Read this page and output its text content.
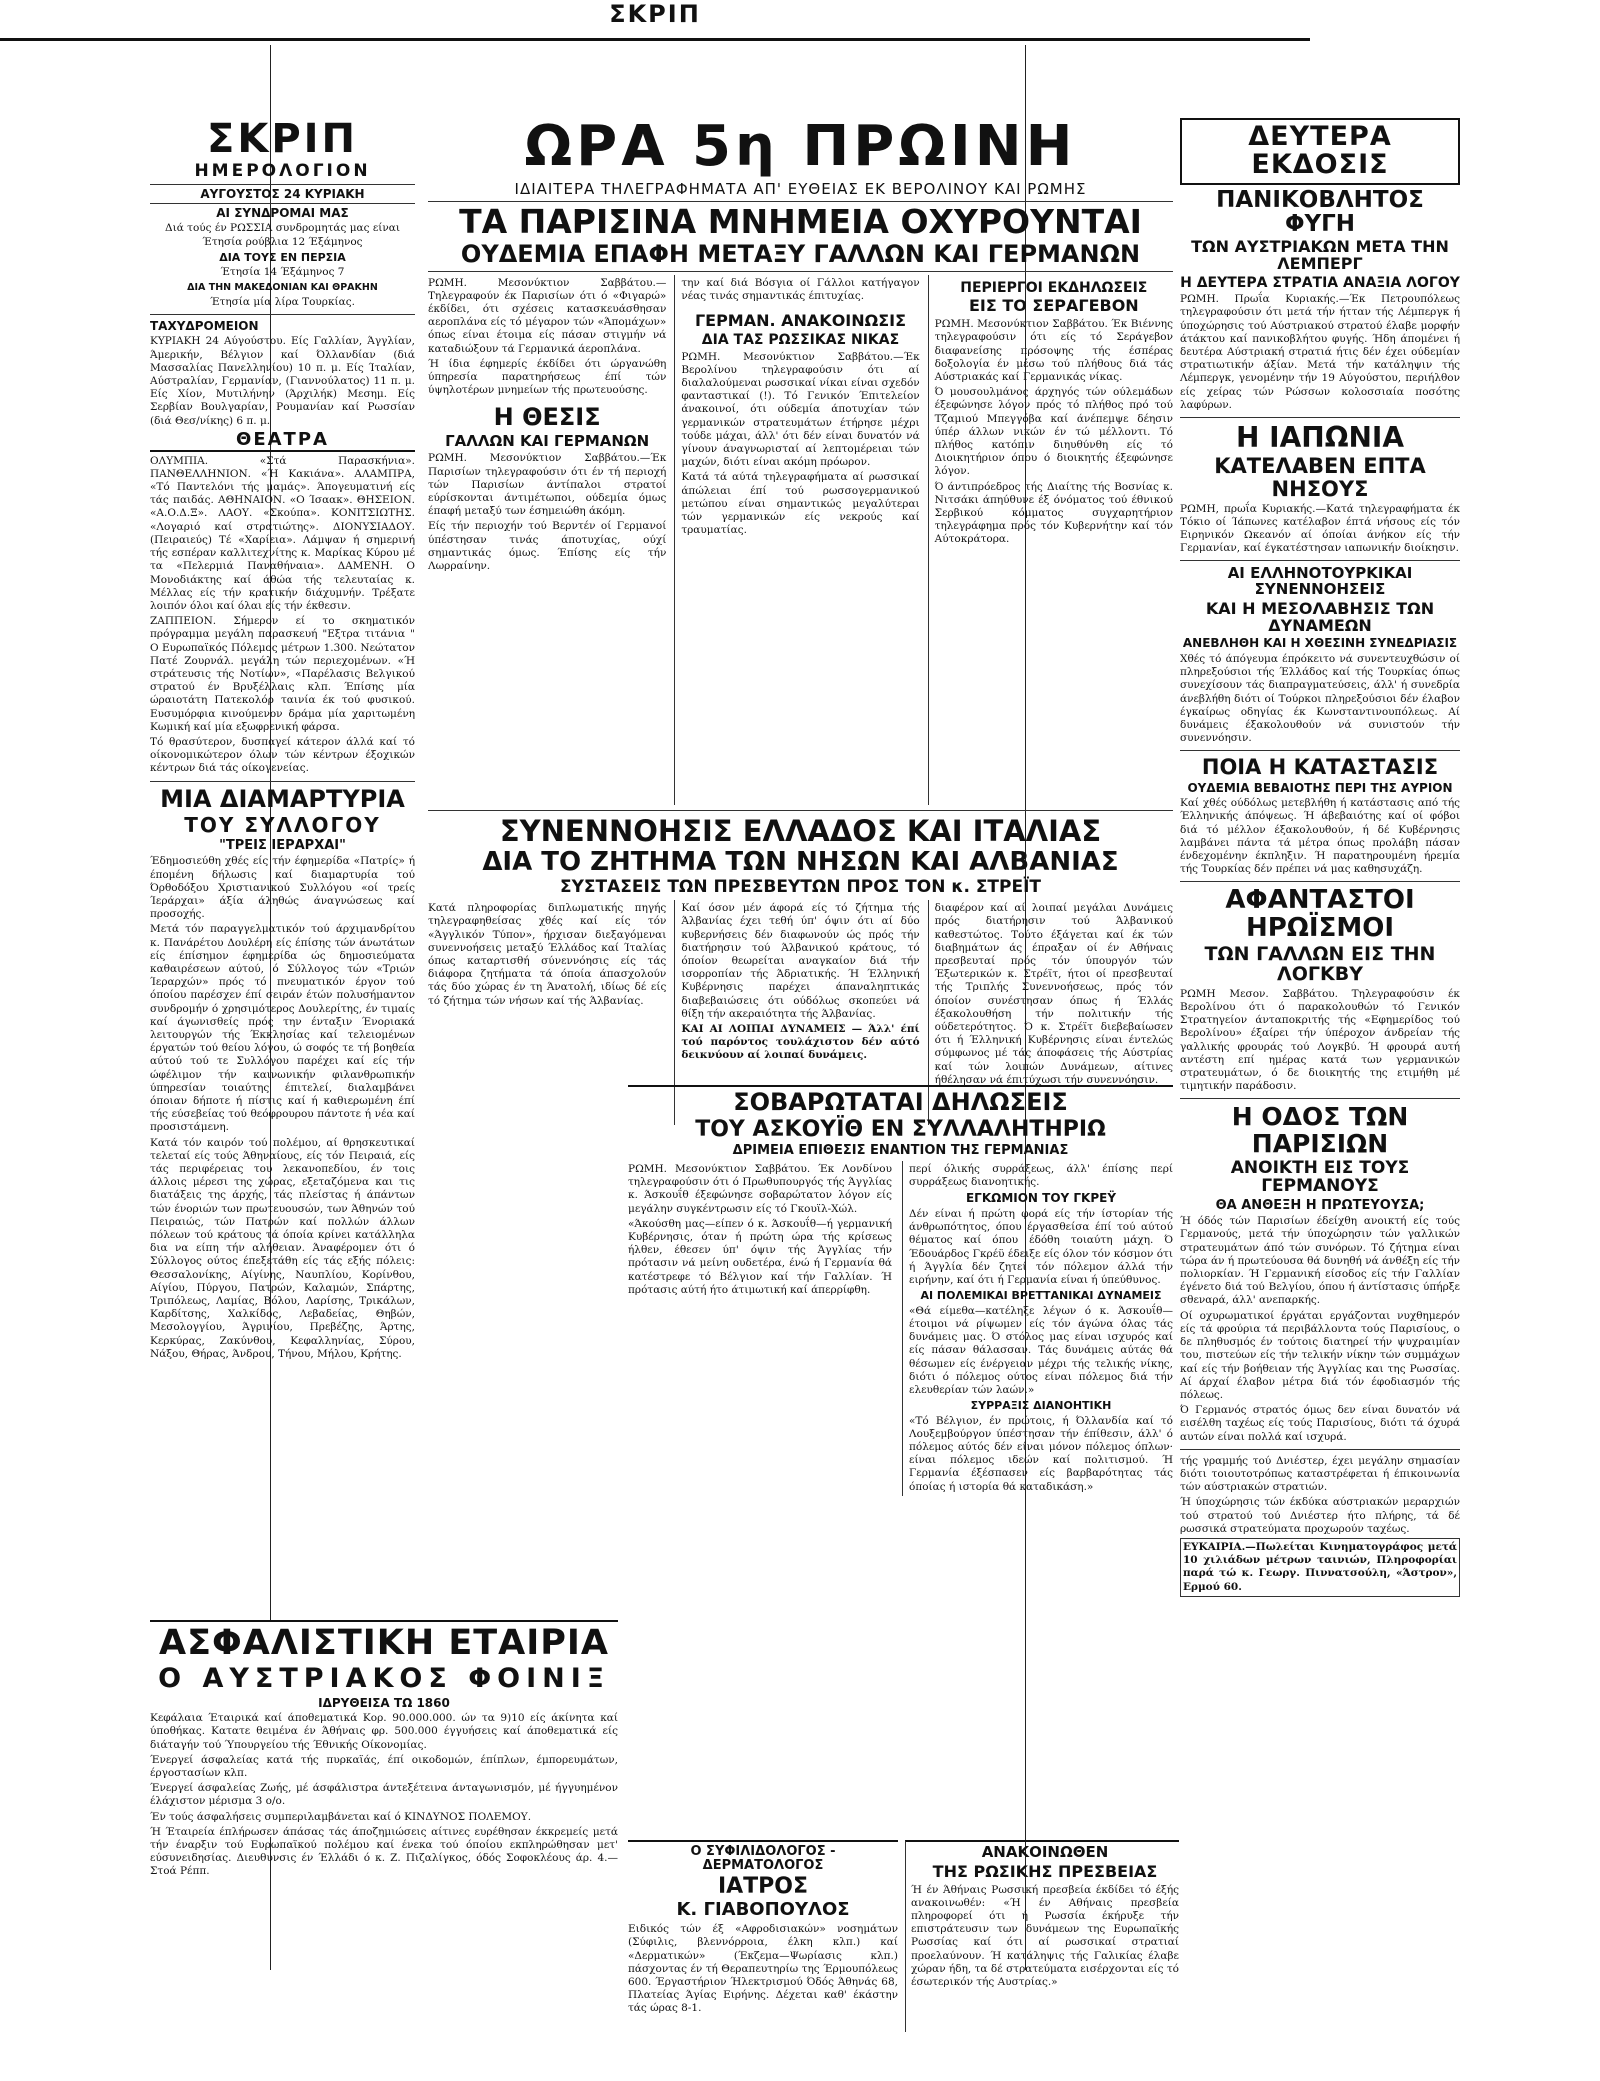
ΣΚΡΙΠ
ΣΚΡΙΠ
ΗΜΕΡΟΛΟΓΙΟΝ
ΑΥΓΟΥΣΤΟΣ 24 ΚΥΡΙΑΚΗ
ΑΙ ΣΥΝΔΡΟΜΑΙ ΜΑΣ
Διά τούς έν ΡΩΣΣΙΑ συνδρομητάς μας είναι Έτησία ρούβλια 12 Έξάμηνος
ΔΙΑ ΤΟΥΣ ΕΝ ΠΕΡΣΙΑ
Έτησία 14 Έξάμηνος 7
ΔΙΑ ΤΗΝ ΜΑΚΕΔΟΝΙΑΝ ΚΑΙ ΘΡΑΚΗΝ
Έτησία μία λίρα Τουρκίας.
ΤΑΧΥΔΡΟΜΕΙΟΝ
ΚΥΡΙΑΚΗ 24 Αύγούστου. Είς Γαλλίαν, Άγγλίαν, Άμερικήν, Βέλγιον καί Όλλανδίαν (διά Μασσαλίας Πανελληνίου) 10 π. μ. Είς Ίταλίαν, Αύστραλίαν, Γερμανίαν, (Γιαννούλατος) 11 π. μ. Είς Χίον, Μυτιλήνην (Άρχιλήκ) Μεσημ. Είς Σερβίαν Βουλγαρίαν, Ρουμανίαν καί Ρωσσίαν (διά Θεσ/νίκης) 6 π. μ.
ΘΕΑΤΡΑ
ΟΛΥΜΠΙΑ. «Στά Παρασκήνια». ΠΑΝΘΕΛΛΗΝΙΟΝ. «Ή Κακιάνα». ΑΛΑΜΠΡΑ, «Τό Παντελόνι τής μαμάς». Άπογευματινή είς τάς παιδάς. ΑΘΗΝΑΙΟΝ. «Ο Ίσαακ». ΘΗΣΕΙΟΝ. «Α.Ο.Δ.Ξ». ΛΑΟΥ. «Σκούπα». ΚΟΝΙΤΣΙΩΤΗΣ. «Λογαριό καί στρατιώτης». ΔΙΟΝΥΣΙΑΔΟΥ. (Πειραιεύς) Τέ «Χαρίεια». Λάμψαν ή σημερινή τής εσπέραν καλλιτεχνίτης κ. Μαρίκας Κύρου μέ τα «Πελερμιά Παναθήναια». ΔΑΜΕΝΗ. Ο Μονοδιάκτης καί άθώα τής τελευταίας κ. Μέλλας είς τήν κρατικήν διάχυμνήν. Τρέξατε λοιπόν όλοι καί όλαι είς τήν έκθεσιν.
ΖΑΠΠΕΙΟΝ. Σήμερον εί το σκηματικόν πρόγραμμα μεγάλη παρασκευή "Εξτρα τιτάνια " Ο Ευρωπαϊκός Πόλεμος μέτρων 1.300. Νεώτατον Πατέ Ζουρνάλ. μεγάλη τών περιεχομένων. «Ή στράτευσις τής Νοτίων», «Παρέλασις Βελγικού στρατού έν Βρυξέλλαις κλπ. Έπίσης μία ώραιοτάτη Πατεκολόρ ταινία έκ τού φυσικού. Ευσυμόρφια κινούμενον δράμα μία χαριτωμένη Κωμική καί μία εξωφρενική φάρσα.
Τό θρασύτερον, δυσπαγεί κάτερον άλλά καί τό οίκονομικώτερον όλων τών κέντρων έξοχικών κέντρων διά τάς οίκογενείας.
ΜΙΑ ΔΙΑΜΑΡΤΥΡΙΑ
ΤΟΥ ΣΥΛΛΟΓΟΥ
"ΤΡΕΙΣ ΙΕΡΑΡΧΑΙ"
Έδημοσιεύθη χθές είς τήν έφημερίδα «Πατρίς» ή έπομένη δήλωσις καί διαμαρτυρία τού Όρθοδόξου Χριστιανικού Συλλόγου «οί τρείς Ίεράρχαι» άξία άληθώς άναγνώσεως καί προσοχής.
Μετά τόν παραγγελματικόν τού άρχιμανδρίτου κ. Πανάρέτου Δουλέρη είς έπίσης τών άνωτάτων είς έπίσημον έφημερίδα ώς δημοσιεύματα καθαιρέσεων αύτού, ό Σύλλογος τών «Τριών Ίεραρχών» πρός τό πνευματικόν έργον τού όποίου παρέσχεν έπί σειράν έτών πολυσήμαντον συνδρομήν ό χρησιμότερος Δουλερίτης, έν τιμαίς καί άγωνισθείς πρός την ένταξιν Ένοριακά λειτουργών τής Έκκλησίας καί τελειομένων έργατών τού θείου λόγου, ώ σοφός τε τή βοηθεία αύτού τού τε Συλλόγου παρέχει καί είς τήν ώφέλιμον τήν καινωνικήν φιλανθρωπικήν ύπηρεσίαν τοιαύτης έπιτελεί, διαλαμβάνει όποιαν δήποτε ή πίστις καί ή καθιερωμένη έπί τής εύσεβείας τού θεόφρουρου πάντοτε ή νέα καί προσιστάμενη.
Κατά τόν καιρόν τού πολέμου, αί θρησκευτικαί τελεταί είς τούς Άθηναίους, είς τόν Πειραιά, είς τάς περιφέρειας του λεκανοπεδίου, έν τοις άλλοις μέρεσι της χώρας, εξεταζόμενα και τις διατάξεις της άρχής, τάς πλείστας ή άπάντων τών ένοριών των πρωτευουσών, των Άθηνών τού Πειραιώς, τών Πατρών καί πολλών άλλων πόλεων τού κράτους τά όποία κρίνει κατάλληλα δια να είπη τήν αλήθειαν. Άναφέρομεν ότι ό Σύλλογος ούτος έπεξετάθη είς τάς εξής πόλεις: Θεσσαλονίκης, Αίγίνης, Ναυπλίου, Κορίνθου, Αίγίου, Πύργου, Πατρών, Καλαμών, Σπάρτης, Τριπόλεως, Λαμίας, Βόλου, Λαρίσης, Τρικάλων, Καρδίτσης, Χαλκίδος, Λεβαδείας, Θηβών, Μεσολογγίου, Άγρινίου, Πρεβέζης, Άρτης, Κερκύρας, Ζακύνθου, Κεφαλληνίας, Σύρου, Νάξου, Θήρας, Άνδρου, Τήνου, Μήλου, Κρήτης.
ΑΣΦΑΛΙΣΤΙΚΗ ΕΤΑΙΡΙΑ
Ο ΑΥΣΤΡΙΑΚΟΣ ΦΟΙΝΙΞ
ΙΔΡΥΘΕΙΣΑ ΤΩ 1860
Κεφάλαια Έταιρικά καί άποθεματικά Κορ. 90.000.000. ών τα 9)10 είς άκίνητα καί ύποθήκας. Κατατε θειμένα έν Άθήναις φρ. 500.000 έγγυήσεις καί άποθεματικά είς διάταγήν τού Ύπουργείου τής Έθνικής Οίκονομίας.
Ένεργεί άσφαλείας κατά τής πυρκαϊάς, έπί οικοδομών, έπίπλων, έμπορευμάτων, έργοστασίων κλπ.
Ένεργεί άσφαλείας Ζωής, μέ άσφάλιστρα άντεξέτεινα άνταγωνισμόν, μέ ήγγυημένον έλάχιστον μέρισμα 3 ο/ο.
Έν τούς άσφαλήσεις συμπεριλαμβάνεται καί ό ΚΙΝΔΥΝΟΣ ΠΟΛΕΜΟΥ.
Ή Έταιρεία έπλήρωσεν άπάσας τάς άποζημιώσεις αίτινες ευρέθησαν έκκρεμείς μετά τήν έναρξιν τού Ευρωπαϊκού πολέμου καί ένεκα τού όποίου εκπληρώθησαν μετ' εύσυνειδησίας. Διευθυνσις έν Έλλάδι ό κ. Ζ. Πιζαλίγκος, όδός Σοφοκλέους άρ. 4.—Στοά Ρέππ.
ΩΡΑ 5η ΠΡΩΙΝΗ
ΙΔΙΑΙΤΕΡΑ ΤΗΛΕΓΡΑΦΗΜΑΤΑ ΑΠ' ΕΥΘΕΙΑΣ ΕΚ ΒΕΡΟΛΙΝΟΥ ΚΑΙ ΡΩΜΗΣ
ΤΑ ΠΑΡΙΣΙΝΑ ΜΝΗΜΕΙΑ ΟΧΥΡΟΥΝΤΑΙ
ΟΥΔΕΜΙΑ ΕΠΑΦΗ ΜΕΤΑΞΥ ΓΑΛΛΩΝ ΚΑΙ ΓΕΡΜΑΝΩΝ
ΡΩΜΗ. Μεσονύκτιον Σαββάτου.—Τηλεγραφούν έκ Παρισίων ότι ό «Φιγαρώ» έκδίδει, ότι σχέσεις κατασκευάσθησαν αεροπλάνα είς τό μέγαρον τών «Άπομάχων» όπως είναι έτοιμα είς πάσαν στιγμήν νά καταδιώξουν τά Γερμανικά άεροπλάνα.
Ή ίδια έφημερίς έκδίδει ότι ώργανώθη ύπηρεσία παρατηρήσεως έπί τών ύψηλοτέρων μνημείων τής πρωτευούσης.
Η ΘΕΣΙΣ
ΓΑΛΛΩΝ ΚΑΙ ΓΕΡΜΑΝΩΝ
ΡΩΜΗ. Μεσονύκτιον Σαββάτου.—Έκ Παρισίων τηλεγραφούσιν ότι έν τή περιοχή τών Παρισίων άντίπαλοι στρατοί εύρίσκονται άντιμέτωποι, ούδεμία όμως έπαφή μεταξύ των έσημειώθη άκόμη.
Είς τήν περιοχήν τού Βερντέν οί Γερμανοί ύπέστησαν τινάς άποτυχίας, ούχί σημαντικάς όμως. Έπίσης είς τήν Λωρραίνην.
την καί διά Βόσγια οί Γάλλοι κατήγαγον νέας τινάς σημαντικάς έπιτυχίας.
ΓΕΡΜΑΝ. ΑΝΑΚΟΙΝΩΣΙΣ
ΔΙΑ ΤΑΣ ΡΩΣΣΙΚΑΣ ΝΙΚΑΣ
ΡΩΜΗ. Μεσονύκτιον Σαββάτου.—Έκ Βερολίνου τηλεγραφούσιν ότι αί διαλαλούμεναι ρωσσικαί νίκαι είναι σχεδόν φανταστικαί (!). Τό Γενικόν Έπιτελείον άνακοινοί, ότι ούδεμία άποτυχίαν τών γερμανικών στρατευμάτων έτήρησε μέχρι τούδε μάχαι, άλλ' ότι δέν είναι δυνατόν νά γίνουν άναγνωρισταί αί λεπτομέρειαι τών μαχών, διότι είναι ακόμη πρόωρον.
Κατά τά αύτά τηλεγραφήματα αί ρωσσικαί άπώλειαι έπί τού ρωσσογερμανικού μετώπου είναι σημαντικώς μεγαλύτεραι τών γερμανικών είς νεκρούς καί τραυματίας.
ΠΕΡΙΕΡΓΟΙ ΕΚΔΗΛΩΣΕΙΣ
ΕΙΣ ΤΟ ΣΕΡΑΓΕΒΟΝ
ΡΩΜΗ. Μεσονύκτιον Σαββάτου. Έκ Βιέννης τηλεγραφούσιν ότι είς τό Σεράγεβον διαφανείσης πρόσοψης τής έσπέρας δοξολογία έν μέσω τού πλήθους διά τάς Αύστριακάς καί Γερμανικάς νίκας.
Ό μουσουλμάνος άρχηγός τών ούλεμάδων έξεφώνησε λόγον πρός τό πλήθος πρό τού Τζαμιού Μπεγγόβα καί άνέπεμψε δέησιν ύπέρ άλλων νικών έν τώ μέλλοντι. Τό πλήθος κατόπιν διηυθύνθη είς τό Διοικητήριον όπου ό διοικητής έξεφώνησε λόγον.
Ό άντιπρόεδρος τής Διαίτης τής Βοσνίας κ. Νιτσάκι άπηύθυνε έξ όνόματος τού έθνικού Σερβικού κόμματος συγχαρητήριον τηλεγράφημα πρός τόν Κυβερνήτην καί τόν Αύτοκράτορα.
ΣΥΝΕΝΝΟΗΣΙΣ ΕΛΛΑΔΟΣ ΚΑΙ ΙΤΑΛΙΑΣ
ΔΙΑ ΤΟ ΖΗΤΗΜΑ ΤΩΝ ΝΗΣΩΝ ΚΑΙ ΑΛΒΑΝΙΑΣ
ΣΥΣΤΑΣΕΙΣ ΤΩΝ ΠΡΕΣΒΕΥΤΩΝ ΠΡΟΣ ΤΟΝ κ. ΣΤΡΕΪΤ
Κατά πληροφορίας διπλωματικής πηγής τηλεγραφηθείσας χθές καί είς τόν «Άγγλικόν Τύπον», ήρχισαν διεξαγόμεναι συνεννοήσεις μεταξύ Έλλάδος καί Ίταλίας όπως καταρτισθή σύνεννόησις είς τάς διάφορα ζητήματα τά όποία άπασχολούν τάς δύο χώρας έν τη Άνατολή, ιδίως δέ είς τό ζήτημα τών νήσων καί τής Άλβανίας.
Καί όσον μέν άφορά είς τό ζήτημα τής Άλβανίας έχει τεθή ύπ' όψιν ότι αί δύο κυβερνήσεις δέν διαφωνούν ώς πρός τήν διατήρησιν τού Άλβανικού κράτους, τό όποίον θεωρείται αναγκαίον διά τήν ισορροπίαν τής Άδριατικής. Ή Έλληνική Κυβέρνησις παρέχει άπαναληπτικάς διαβεβαιώσεις ότι ούδόλως σκοπεύει νά θίξη τήν ακεραιότητα τής Άλβανίας.
ΚΑΙ ΑΙ ΛΟΙΠΑΙ ΔΥΝΑΜΕΙΣ — Άλλ' έπί τού παρόντος τουλάχιστον δέν αύτό δεικνύουν αί λοιπαί δυνάμεις.
διαφέρον καί αί λοιπαί μεγάλαι Δυνάμεις πρός διατήρησιν τού Άλβανικού καθεστώτος. Τούτο έξάγεται καί έκ τών διαβημάτων άς έπραξαν οί έν Αθήναις πρεσβευταί πρός τόν ύπουργόν τών Έξωτερικών κ. Στρέϊτ, ήτοι οί πρεσβευταί τής Τριπλής Συνεννοήσεως, πρός τόν όποίον συνέστησαν όπως ή Έλλάς έξακολουθήση τήν πολιτικήν τής ούδετερότητος. Ό κ. Στρέϊτ διεβεβαίωσεν ότι ή Έλληνική Κυβέρνησις είναι έντελώς σύμφωνος μέ τάς άποφάσεις τής Αύστρίας καί τών λοιπών Δυνάμεων, αίτινες ήθέλησαν νά έπιτύχωσι τήν συνεννόησιν.
ΣΟΒΑΡΩΤΑΤΑΙ ΔΗΛΩΣΕΙΣ
ΤΟΥ ΑΣΚΟΥΪΘ ΕΝ ΣΥΛΛΑΛΗΤΗΡΙΩ
ΔΡΙΜΕΙΑ ΕΠΙΘΕΣΙΣ ΕΝΑΝΤΙΟΝ ΤΗΣ ΓΕΡΜΑΝΙΑΣ
ΡΩΜΗ. Μεσονύκτιον Σαββάτου. Έκ Λονδίνου τηλεγραφούσιν ότι ό Πρωθυπουργός τής Άγγλίας κ. Άσκουΐθ έξεφώνησε σοβαρώτατον λόγον είς μεγάλην συγκέντρωσιν είς τό Γκουϊλ-Χώλ.
«Άκούσθη μας—είπεν ό κ. Άσκουΐθ—ή γερμανική Κυβέρνησις, όταν ή πρώτη ώρα τής κρίσεως ήλθεν, έθεσεν ύπ' όψιν τής Άγγλίας τήν πρότασιν νά μείνη ουδετέρα, ένώ ή Γερμανία θά κατέστρεφε τό Βέλγιον καί τήν Γαλλίαν. Ή πρότασις αύτή ήτο άτιμωτική καί άπερρίφθη.
περί όλικής συρράξεως, άλλ' έπίσης περί συρράξεως διανοητικής.
ΕΓΚΩΜΙΟΝ ΤΟΥ ΓΚΡΕΫ
Δέν είναι ή πρώτη φορά είς τήν ίστορίαν τής άνθρωπότητος, όπου έργασθείσα έπί τού αύτού θέματος καί όπου έδόθη τοιαύτη μάχη. Ό Έδουάρδος Γκρέϋ έδειξε είς όλον τόν κόσμον ότι ή Άγγλία δέν ζητεί τόν πόλεμον άλλά τήν ειρήνην, καί ότι ή Γερμανία είναι ή ύπεύθυνος.
ΑΙ ΠΟΛΕΜΙΚΑΙ ΒΡΕΤΤΑΝΙΚΑΙ ΔΥΝΑΜΕΙΣ
«Θά είμεθα—κατέληξε λέγων ό κ. Άσκουΐθ—έτοιμοι νά ρίψωμεν είς τόν άγώνα όλας τάς δυνάμεις μας. Ό στόλος μας είναι ισχυρός καί είς πάσαν θάλασσαν. Τάς δυνάμεις αύτάς θά θέσωμεν είς ένέργειαν μέχρι τής τελικής νίκης, διότι ό πόλεμος ούτος είναι πόλεμος διά τήν ελευθερίαν τών λαών.»
ΣΥΡΡΑΞΙΣ ΔΙΑΝΟΗΤΙΚΗ
«Τό Βέλγιον, έν πρώτοις, ή Όλλανδία καί τό Λουξεμβούργον ύπέστησαν τήν έπίθεσιν, άλλ' ό πόλεμος αύτός δέν είναι μόνον πόλεμος όπλων· είναι πόλεμος ιδεών καί πολιτισμού. Ή Γερμανία έξέσπασεν είς βαρβαρότητας τάς όποίας ή ιστορία θά καταδικάση.»
Ο ΣΥΦΙΛΙΔΟΛΟΓΟΣ - ΔΕΡΜΑΤΟΛΟΓΟΣ
ΙΑΤΡΟΣ
Κ. ΓΙΑΒΟΠΟΥΛΟΣ
Ειδικός τών έξ «Αφροδισιακών» νοσημάτων (Σύφιλις, βλεννόρροια, έλκη κλπ.) καί «Δερματικών» (Έκζεμα—Ψωρίασις κλπ.) πάσχοντας έν τή Θεραπευτηρίω της Έρμουπόλεως 600. Έργαστήριον Ήλεκτρισμού Όδός Άθηνάς 68, Πλατείας Άγίας Ειρήνης. Δέχεται καθ' έκάστην τάς ώρας 8-1.
ΑΝΑΚΟΙΝΩΘΕΝ
ΤΗΣ ΡΩΣΙΚΗΣ ΠΡΕΣΒΕΙΑΣ
Ή έν Άθήναις Ρωσσική πρεσβεία έκδίδει τό έξής ανακοινωθέν: «Ή έν Αθήναις πρεσβεία πληροφορεί ότι ή Ρωσσία έκήρυξε τήν επιστράτευσιν των δυνάμεων της Ευρωπαϊκής Ρωσσίας καί ότι αί ρωσσικαί στρατιαί προελαύνουν. Ή κατάληψις τής Γαλικίας έλαβε χώραν ήδη, τα δέ στρατεύματα εισέρχονται είς τό έσωτερικόν τής Αυστρίας.»
ΔΕΥΤΕΡΑ ΕΚΔΟΣΙΣ
ΠΑΝΙΚΟΒΛΗΤΟΣ ΦΥΓΗ
ΤΩΝ ΑΥΣΤΡΙΑΚΩΝ ΜΕΤΑ ΤΗΝ ΛΕΜΠΕΡΓ
Η ΔΕΥΤΕΡΑ ΣΤΡΑΤΙΑ ΑΝΑΞΙΑ ΛΟΓΟΥ
ΡΩΜΗ. Πρωΐα Κυριακής.—Έκ Πετρουπόλεως τηλεγραφούσιν ότι μετά τήν ήτταν τής Λέμπεργκ ή ύποχώρησις τού Αύστριακού στρατού έλαβε μορφήν άτάκτου καί πανικοβλήτου φυγής. Ήδη άπομένει ή δευτέρα Αύστριακή στρατιά ήτις δέν έχει ούδεμίαν στρατιωτικήν άξίαν. Μετά τήν κατάληψιν τής Λέμπεργκ, γενομένην τήν 19 Αύγούστου, περιήλθον είς χείρας τών Ρώσσων κολοσσιαία ποσότης λαφύρων.
Η ΙΑΠΩΝΙΑ
ΚΑΤΕΛΑΒΕΝ ΕΠΤΑ ΝΗΣΟΥΣ
ΡΩΜΗ, πρωΐα Κυριακής.—Κατά τηλεγραφήματα έκ Τόκιο οί Ίάπωνες κατέλαβον έπτά νήσους είς τόν Ειρηνικόν Ωκεανόν αί όποίαι άνήκον είς τήν Γερμανίαν, καί έγκατέστησαν ιαπωνικήν διοίκησιν.
ΑΙ ΕΛΛΗΝΟΤΟΥΡΚΙΚΑΙ ΣΥΝΕΝΝΟΗΣΕΙΣ
ΚΑΙ Η ΜΕΣΟΛΑΒΗΣΙΣ ΤΩΝ ΔΥΝΑΜΕΩΝ
ΑΝΕΒΛΗΘΗ ΚΑΙ Η ΧΘΕΣΙΝΗ ΣΥΝΕΔΡΙΑΣΙΣ
Χθές τό άπόγευμα έπρόκειτο νά συνεντευχθώσιν οί πληρεξούσιοι τής Έλλάδος καί τής Τουρκίας όπως συνεχίσουν τάς διαπραγματεύσεις, άλλ' ή συνεδρία άνεβλήθη διότι οί Τούρκοι πληρεξούσιοι δέν έλαβον έγκαίρως οδηγίας έκ Κωνσταντινουπόλεως. Αί δυνάμεις έξακολουθούν νά συνιστούν τήν συνεννόησιν.
ΠΟΙΑ Η ΚΑΤΑΣΤΑΣΙΣ
ΟΥΔΕΜΙΑ ΒΕΒΑΙΟΤΗΣ ΠΕΡΙ ΤΗΣ ΑΥΡΙΟΝ
Καί χθές ούδόλως μετεβλήθη ή κατάστασις από τής Έλληνικής άπόψεως. Ή άβεβαιότης καί οί φόβοι διά τό μέλλον έξακολουθούν, ή δέ Κυβέρνησις λαμβάνει πάντα τά μέτρα όπως προλάβη πάσαν ένδεχομένην έκπληξιν. Ή παρατηρουμένη ήρεμία τής Τουρκίας δέν πρέπει νά μας καθησυχάζη.
ΑΦΑΝΤΑΣΤΟΙ ΗΡΩΪΣΜΟΙ
ΤΩΝ ΓΑΛΛΩΝ ΕΙΣ ΤΗΝ ΛΟΓΚΒΥ
ΡΩΜΗ Μεσον. Σαββάτου. Τηλεγραφούσιν έκ Βερολίνου ότι ό παρακολουθών τό Γενικόν Στρατηγείον άνταποκριτής τής «Εφημερίδος τού Βερολίνου» έξαίρει τήν ύπέροχον άνδρείαν τής γαλλικής φρουράς τού Λογκβύ. Ή φρουρά αυτή αντέστη επί ημέρας κατά των γερμανικών στρατευμάτων, ό δε διοικητής της ετιμήθη μέ τιμητικήν παράδοσιν.
Η ΟΔΟΣ ΤΩΝ ΠΑΡΙΣΙΩΝ
ΑΝΟΙΚΤΗ ΕΙΣ ΤΟΥΣ ΓΕΡΜΑΝΟΥΣ
ΘΑ ΑΝΘΕΞΗ Η ΠΡΩΤΕΥΟΥΣΑ;
Ή όδός τών Παρισίων έδείχθη ανοικτή είς τούς Γερμανούς, μετά τήν ύποχώρησιν τών γαλλικών στρατευμάτων άπό τών συνόρων. Τό ζήτημα είναι τώρα άν ή πρωτεύουσα θά δυνηθή νά άνθέξη είς τήν πολιορκίαν. Ή Γερμανική είσοδος είς τήν Γαλλίαν έγένετο διά τού Βελγίου, όπου ή άντίστασις ύπήρξε σθεναρά, άλλ' ανεπαρκής.
Οί οχυρωματικοί έργάται εργάζονται νυχθημερόν είς τά φρούρια τά περιβάλλοντα τούς Παρισίους, ο δε πληθυσμός έν τούτοις διατηρεί τήν ψυχραιμίαν του, πιστεύων είς τήν τελικήν νίκην τών συμμάχων καί είς τήν βοήθειαν τής Άγγλίας και της Ρωσσίας. Αί άρχαί έλαβον μέτρα διά τόν έφοδιασμόν τής πόλεως.
Ό Γερμανός στρατός όμως δεν είναι δυνατόν νά εισέλθη ταχέως είς τούς Παρισίους, διότι τά όχυρά αυτών είναι πολλά καί ισχυρά.
τής γραμμής τού Δνιέστερ, έχει μεγάλην σημασίαν διότι τοιουτοτρόπως καταστρέφεται ή έπικοινωνία τών αύστριακών στρατιών.
Ή ύποχώρησις τών έκδύκα αύστριακών μεραρχιών τού στρατού τού Δνιέστερ ήτο πλήρης, τά δέ ρωσσικά στρατεύματα προχωρούν ταχέως.
ΕΥΚΑΙΡΙΑ.—Πωλείται Κινηματογράφος μετά 10 χιλιάδων μέτρων ταινιών, Πληροφορίαι παρά τώ κ. Γεωργ. Πιννατσούλη, «Άστρον», Ερμού 60.
